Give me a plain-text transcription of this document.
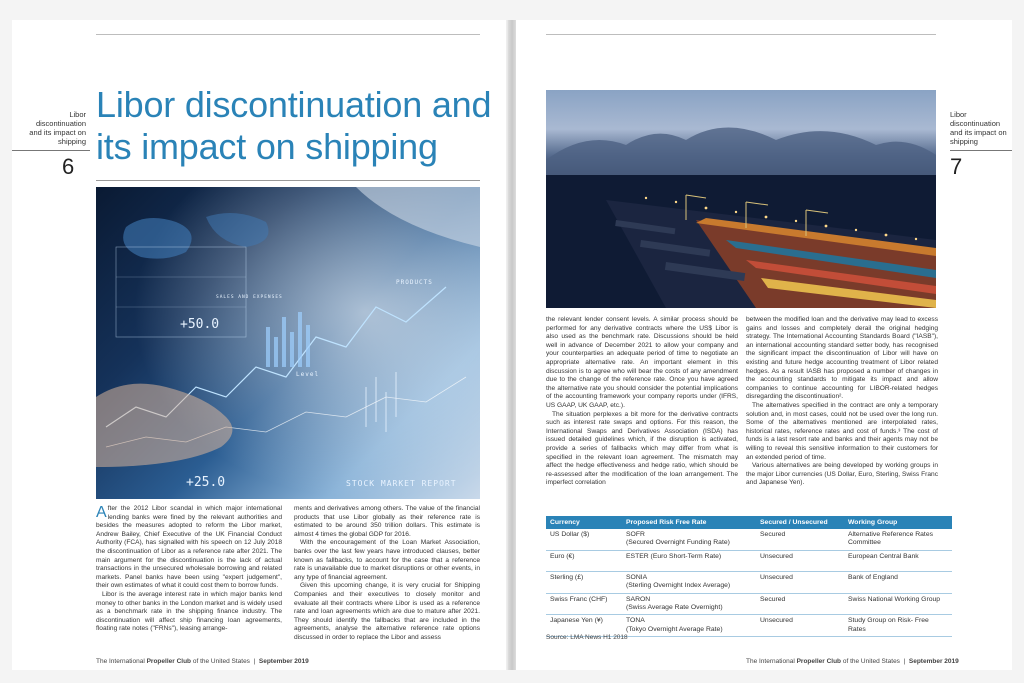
Libor discontinuation and its impact on shipping
6
Libor discontinuation and its impact on shipping
+50.0
Level
+25.0	STOCK MARKET REPORT
PRODUCTS
SALES AND EXPENSES

After the 2012 Libor scandal in which major international lending banks were fined by the relevant authorities and besides the measures adopted to reform the Libor market, Andrew Bailey, Chief Executive of the UK Financial Conduct Authority (FCA), has signalled with his speech on 12 July 2018 the discontinuation of Libor as a reference rate after 2021. The main argument for the discontinuation is the lack of actual transactions in the unsecured wholesale borrowing and related markets. Panel banks have been using "expert judgement", their own estimates of what it could cost them to borrow funds.

Libor is the average interest rate in which major banks lend money to other banks in the London market and is widely used as a benchmark rate in the shipping finance industry. The discontinuation will affect ship financing loan agreements, floating rate notes ("FRNs"), leasing arrange-

ments and derivatives among others. The value of the financial products that use Libor globally as their reference rate is estimated to be around 350 trillion dollars. This estimate is almost 4 times the global GDP for 2016.

With the encouragement of the Loan Market Association, banks over the last few years have introduced clauses, better known as fallbacks, to account for the case that a reference rate is unavailable due to market disruptions or other events, in any type of financial agreement.

Given this upcoming change, it is very crucial for Shipping Companies and their executives to closely monitor and evaluate all their contracts where Libor is used as a reference rate and loan agreements which are due to mature after 2021. They should identify the fallbacks that are included in the agreements, analyse the alternative reference rate options discussed in order to replace the Libor and assess

The International Propeller Club of the United States | September 2019
Libor discontinuation and its impact on shipping
7

the relevant lender consent levels. A similar process should be performed for any derivative contracts where the US$ Libor is also used as the benchmark rate. Discussions should be held well in advance of December 2021 to allow your company and your counterparties an adequate period of time to negotiate an appropriate alternative rate. An important element in this discussion is to agree who will bear the costs of any amendment due to the change of the reference rate. Once you have agreed the alternative rate you should consider the potential implications of the accounting framework your company reports under (IFRS, US GAAP, UK GAAP, etc.).

The situation perplexes a bit more for the derivative contracts such as interest rate swaps and options. For this reason, the International Swaps and Derivatives Association (ISDA) has issued detailed guidelines which, if the disruption is activated, provide a series of fallbacks which may differ from what is specified in the relevant loan agreement. The mismatch may affect the hedge effectiveness and hedge ratio, which should be re-assessed after the modification of the loan arrangement. The imperfect correlation

between the modified loan and the derivative may lead to excess gains and losses and completely derail the original hedging strategy. The International Accounting Standards Board ("IASB"), an international accounting standard setter body, has recognised the significant impact the discontinuation of Libor will have on existing and future hedge accounting treatment of Libor related hedges. As a result IASB has proposed a number of changes in the accounting standards to mitigate its impact and allow companies to continue accounting for LIBOR-related hedges disregarding the discontinuation².

The alternatives specified in the contract are only a temporary solution and, in most cases, could not be used over the long run. Some of the alternatives mentioned are interpolated rates, historical rates, reference rates and cost of funds.³ The cost of funds is a last resort rate and banks and their agents may not be willing to reveal this sensitive information to their customers for an extended period of time.

Various alternatives are being developed by working groups in the major Libor currencies (US Dollar, Euro, Sterling, Swiss Franc and Japanese Yen).

Currency	Proposed Risk Free Rate	Secured / Unsecured	Working Group
US Dollar ($)	SOFR
(Secured Overnight Funding Rate)	Secured	Alternative Reference Rates Committee
Euro (€)	ESTER (Euro Short-Term Rate)	Unsecured	European Central Bank
Sterling (£)	SONIA
(Sterling Overnight Index Average)	Unsecured	Bank of England
Swiss Franc (CHF)	SARON
(Swiss Average Rate Overnight)	Secured	Swiss National Working Group
Japanese Yen (¥)	TONA
(Tokyo Overnight Average Rate)	Unsecured	Study Group on Risk- Free Rates
Source: LMA News H1 2018
The International Propeller Club of the United States | September 2019
